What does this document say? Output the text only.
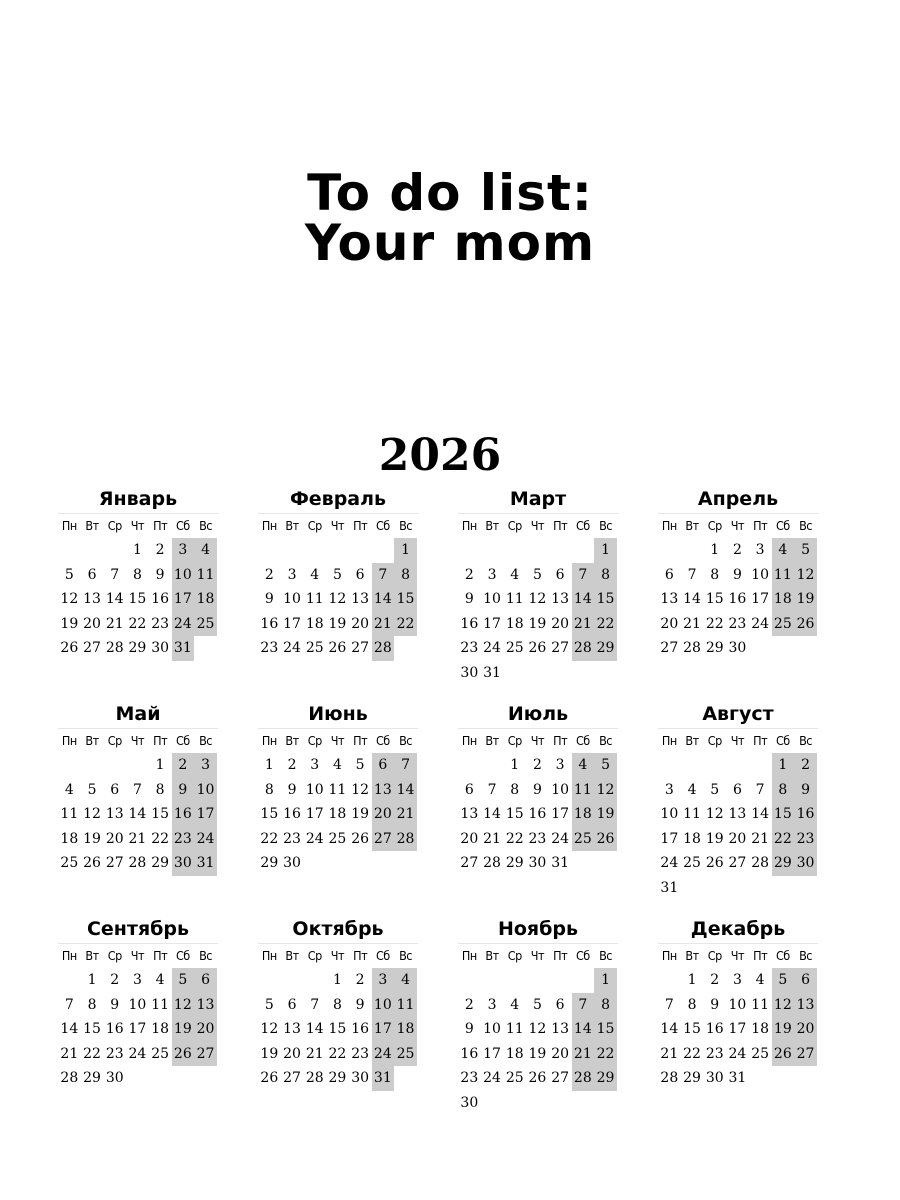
To do list:
Your mom
2026
Январь
Пн Вт Ср Чт Пт Сб Вс
1 2 3 4
5 6 7 8 9 10 11
12 13 14 15 16 17 18
19 20 21 22 23 24 25
26 27 28 29 30 31
Февраль
Пн Вт Ср Чт Пт Сб Вс
1
2 3 4 5 6 7 8
9 10 11 12 13 14 15
16 17 18 19 20 21 22
23 24 25 26 27 28
Март
Пн Вт Ср Чт Пт Сб Вс
1
2 3 4 5 6 7 8
9 10 11 12 13 14 15
16 17 18 19 20 21 22
23 24 25 26 27 28 29
30 31
Апрель
Пн Вт Ср Чт Пт Сб Вс
1 2 3 4 5
6 7 8 9 10 11 12
13 14 15 16 17 18 19
20 21 22 23 24 25 26
27 28 29 30
Май
Пн Вт Ср Чт Пт Сб Вс
1 2 3
4 5 6 7 8 9 10
11 12 13 14 15 16 17
18 19 20 21 22 23 24
25 26 27 28 29 30 31
Июнь
Пн Вт Ср Чт Пт Сб Вс
1 2 3 4 5 6 7
8 9 10 11 12 13 14
15 16 17 18 19 20 21
22 23 24 25 26 27 28
29 30
Июль
Пн Вт Ср Чт Пт Сб Вс
1 2 3 4 5
6 7 8 9 10 11 12
13 14 15 16 17 18 19
20 21 22 23 24 25 26
27 28 29 30 31
Август
Пн Вт Ср Чт Пт Сб Вс
1 2
3 4 5 6 7 8 9
10 11 12 13 14 15 16
17 18 19 20 21 22 23
24 25 26 27 28 29 30
31
Сентябрь
Пн Вт Ср Чт Пт Сб Вс
1 2 3 4 5 6
7 8 9 10 11 12 13
14 15 16 17 18 19 20
21 22 23 24 25 26 27
28 29 30
Октябрь
Пн Вт Ср Чт Пт Сб Вс
1 2 3 4
5 6 7 8 9 10 11
12 13 14 15 16 17 18
19 20 21 22 23 24 25
26 27 28 29 30 31
Ноябрь
Пн Вт Ср Чт Пт Сб Вс
1
2 3 4 5 6 7 8
9 10 11 12 13 14 15
16 17 18 19 20 21 22
23 24 25 26 27 28 29
30
Декабрь
Пн Вт Ср Чт Пт Сб Вс
1 2 3 4 5 6
7 8 9 10 11 12 13
14 15 16 17 18 19 20
21 22 23 24 25 26 27
28 29 30 31
